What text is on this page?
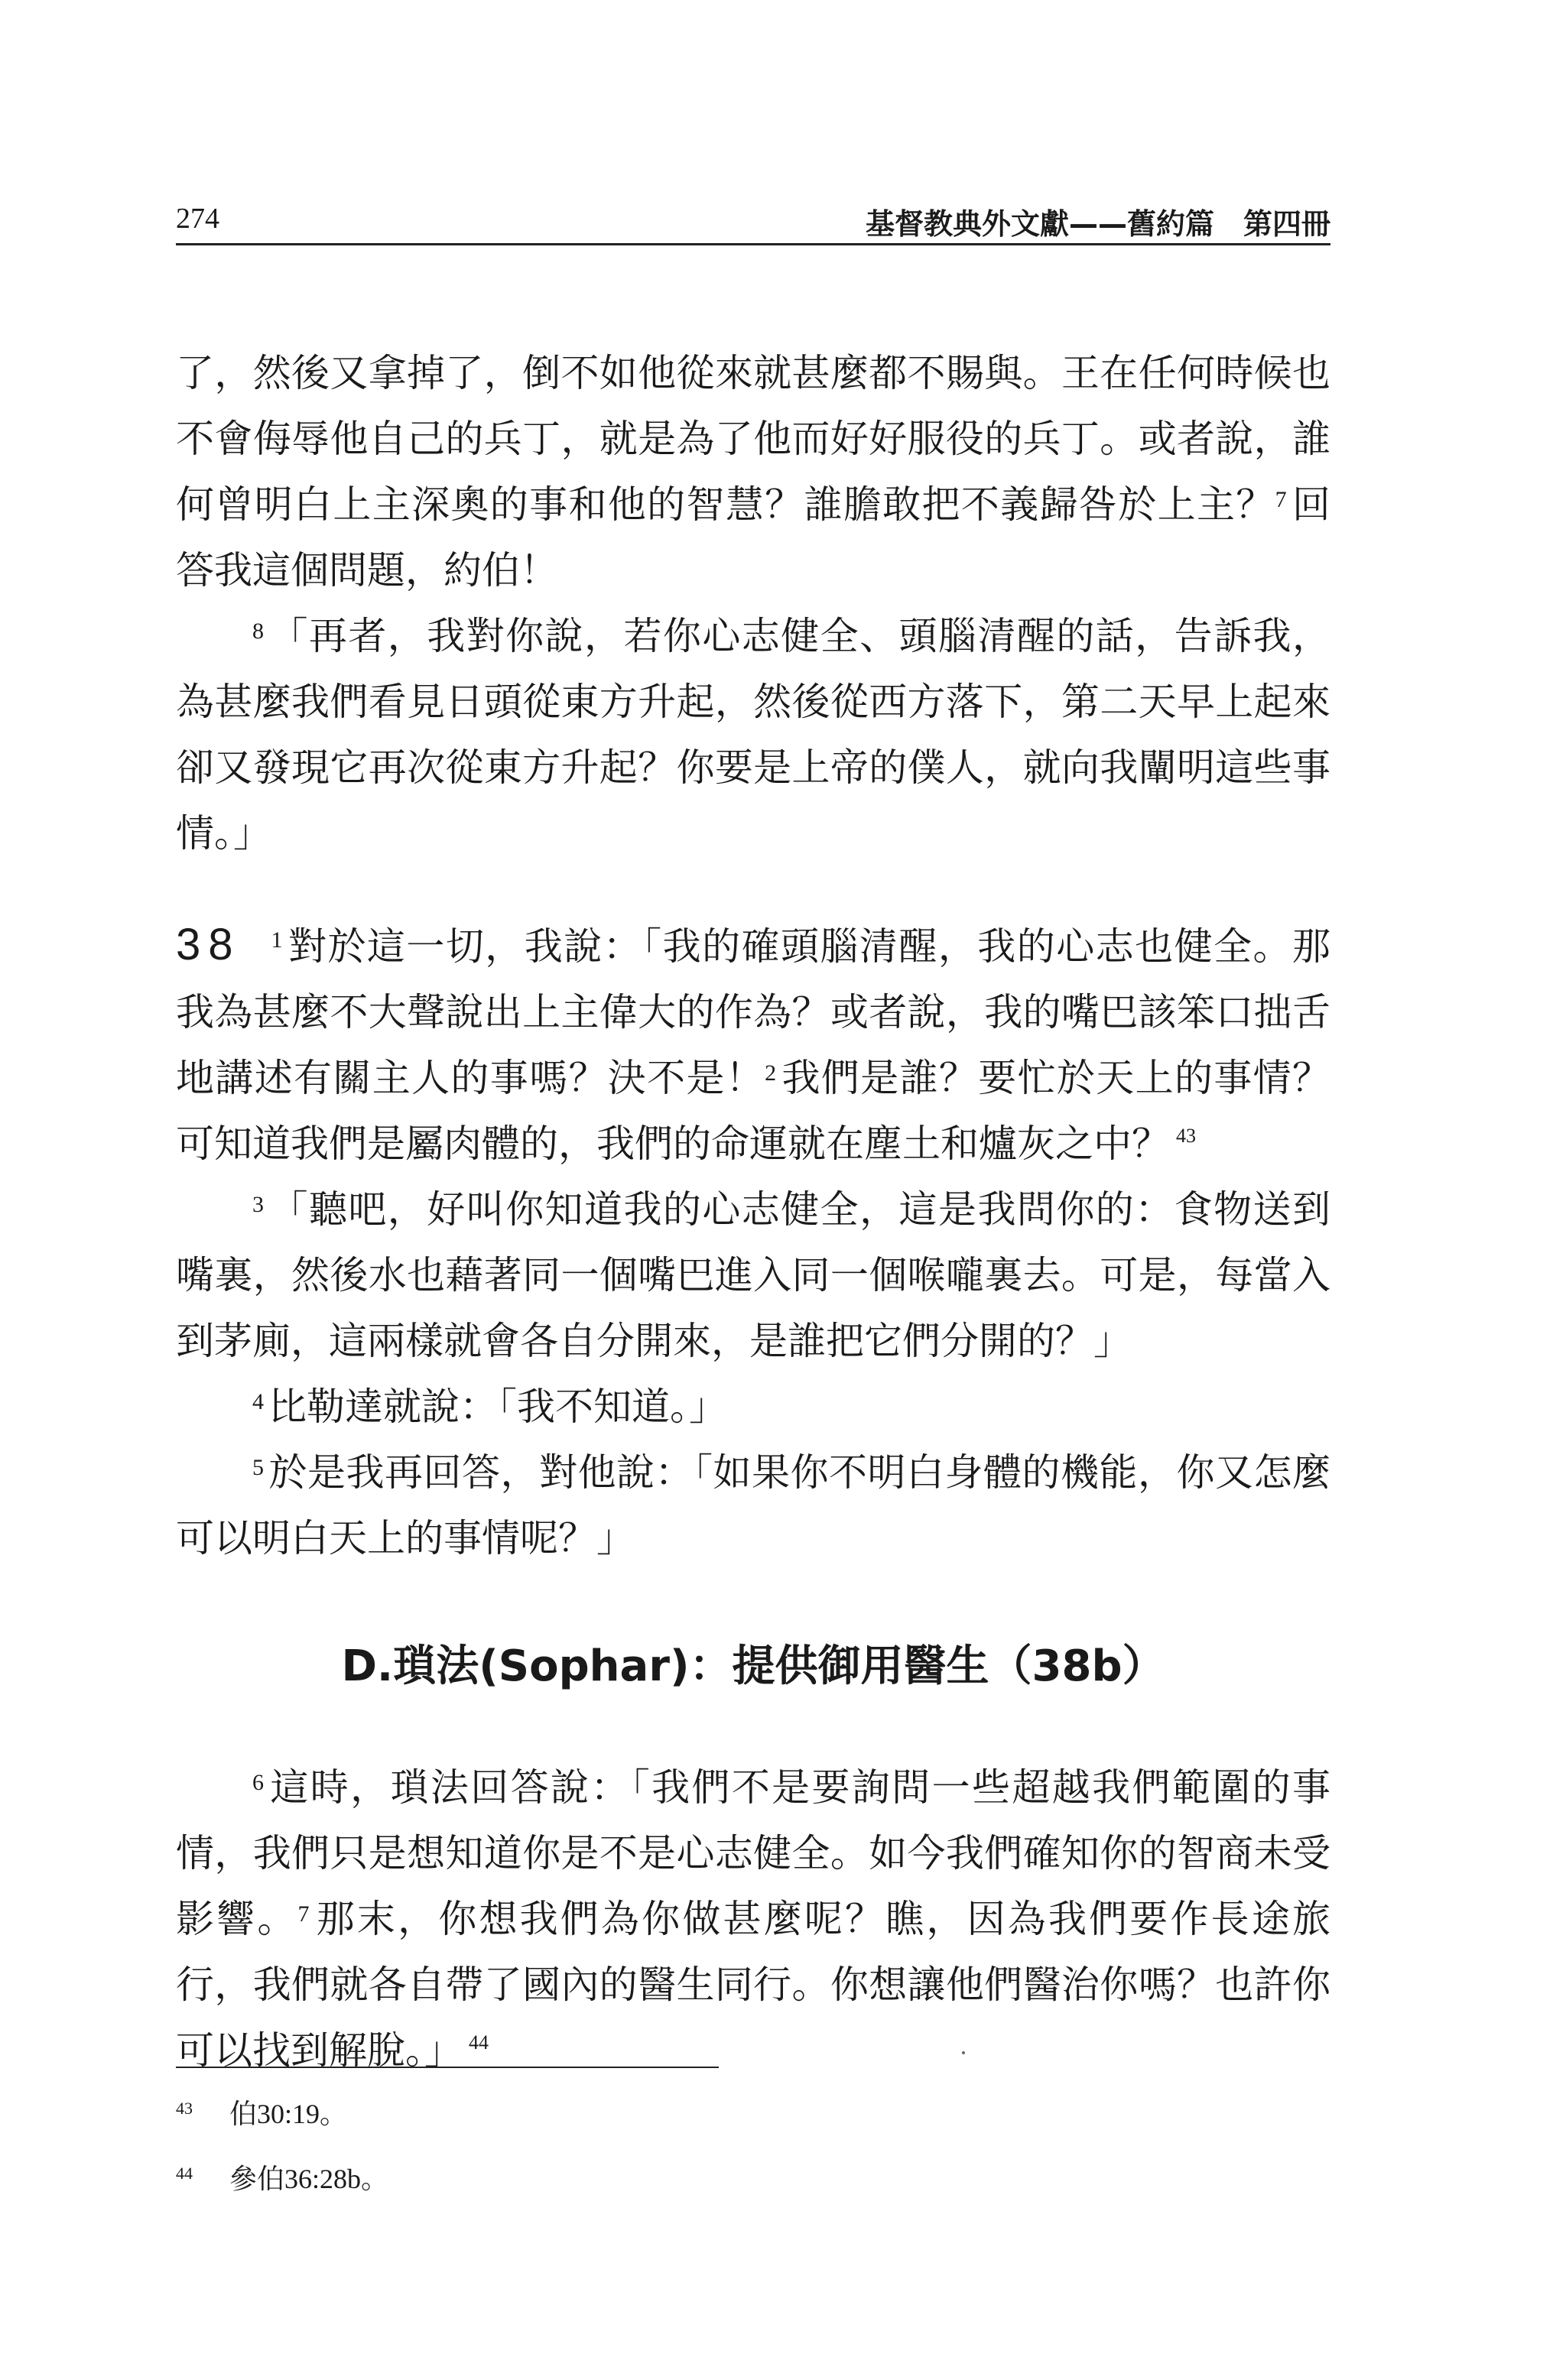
274	基督教典外文獻——舊約篇　第四冊

了，然後又拿掉了，倒不如他從來就甚麼都不賜與。王在任何時候也不會侮辱他自己的兵丁，就是為了他而好好服役的兵丁。或者說，誰何曾明白上主深奧的事和他的智慧？誰膽敢把不義歸咎於上主？$^7$ 回答我這個問題，約伯！

$^8$ 「再者，我對你說，若你心志健全、頭腦清醒的話，告訴我，為甚麼我們看見日頭從東方升起，然後從西方落下，第二天早上起來卻又發現它再次從東方升起？你要是上帝的僕人，就向我闡明這些事情。」

38 $^1$ 對於這一切，我說：「我的確頭腦清醒，我的心志也健全。那我為甚麼不大聲說出上主偉大的作為？或者說，我的嘴巴該笨口拙舌地講述有關主人的事嗎？決不是！$^2$ 我們是誰？要忙於天上的事情？可知道我們是屬肉體的，我們的命運就在塵土和爐灰之中？ $^{43}$

$^3$ 「聽吧，好叫你知道我的心志健全，這是我問你的：食物送到嘴裏，然後水也藉著同一個嘴巴進入同一個喉嚨裏去。可是，每當入到茅廁，這兩樣就會各自分開來，是誰把它們分開的？」

$^4$ 比勒達就說：「我不知道。」

$^5$ 於是我再回答，對他說：「如果你不明白身體的機能，你又怎麼可以明白天上的事情呢？」

D.瑣法(Sophar)：提供御用醫生（38b）

$^6$ 這時，瑣法回答說：「我們不是要詢問一些超越我們範圍的事情，我們只是想知道你是不是心志健全。如今我們確知你的智商未受影響。$^7$ 那末，你想我們為你做甚麼呢？瞧，因為我們要作長途旅行，我們就各自帶了國內的醫生同行。你想讓他們醫治你嗎？也許你可以找到解脫。」 $^{44}$

43	伯30:19。
44	參伯36:28b。
